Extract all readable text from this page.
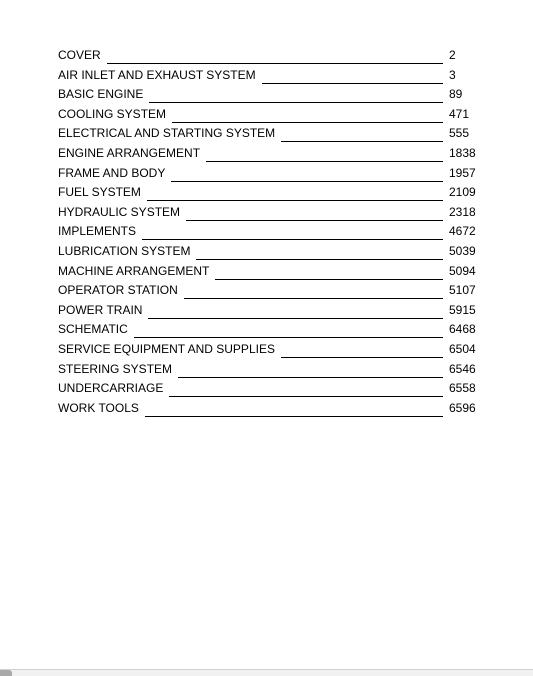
COVER	2
AIR INLET AND EXHAUST SYSTEM	3
BASIC ENGINE	89
COOLING SYSTEM	471
ELECTRICAL AND STARTING SYSTEM	555
ENGINE ARRANGEMENT	1838
FRAME AND BODY	1957
FUEL SYSTEM	2109
HYDRAULIC SYSTEM	2318
IMPLEMENTS	4672
LUBRICATION SYSTEM	5039
MACHINE ARRANGEMENT	5094
OPERATOR STATION	5107
POWER TRAIN	5915
SCHEMATIC	6468
SERVICE EQUIPMENT AND SUPPLIES	6504
STEERING SYSTEM	6546
UNDERCARRIAGE	6558
WORK TOOLS	6596
